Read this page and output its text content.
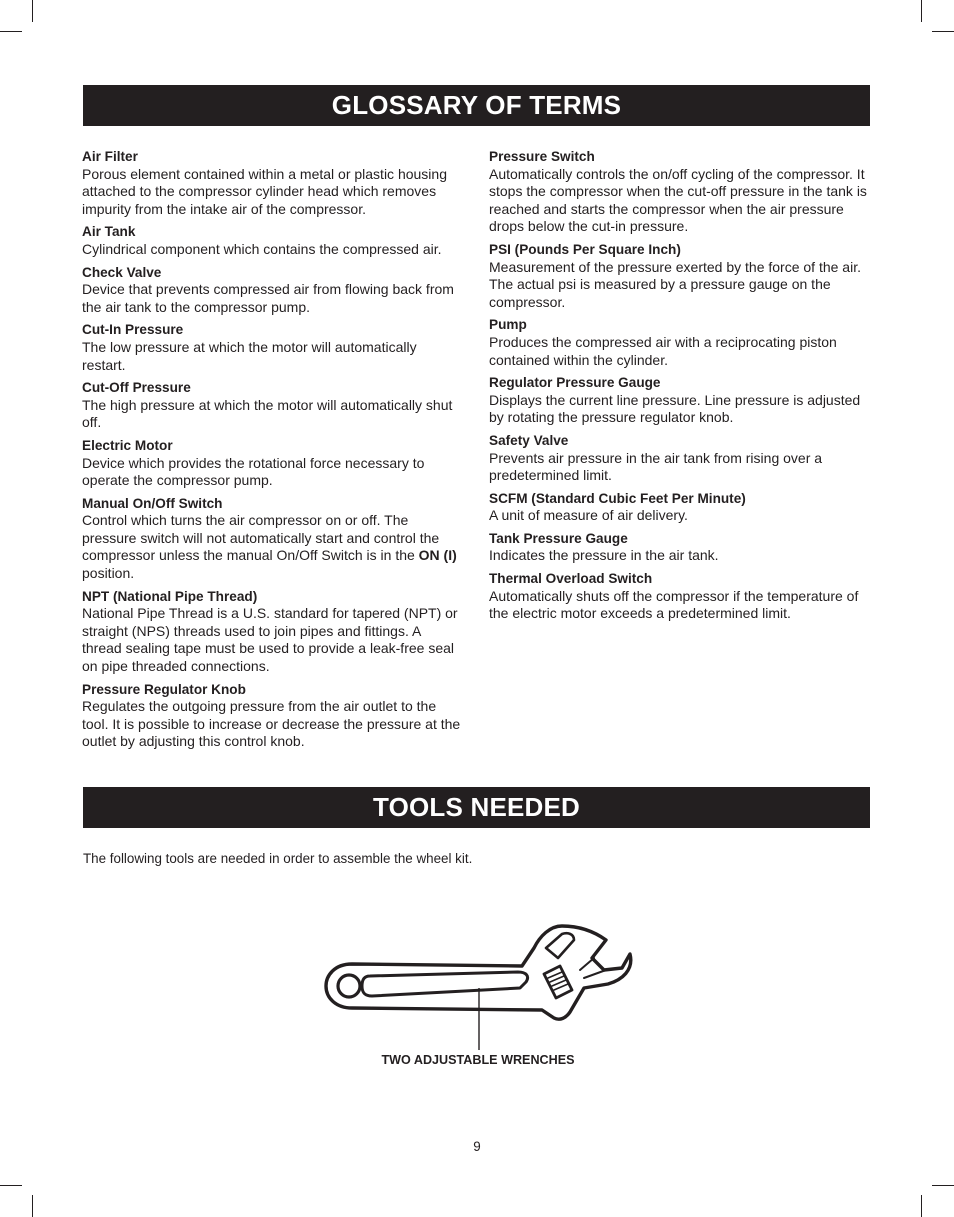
GLOSSARY OF TERMS
Air Filter
Porous element contained within a metal or plastic housing attached to the compressor cylinder head which removes impurity from the intake air of the compressor.
Air Tank
Cylindrical component which contains the compressed air.
Check Valve
Device that prevents compressed air from flowing back from the air tank to the compressor pump.
Cut-In Pressure
The low pressure at which the motor will automatically restart.
Cut-Off Pressure
The high pressure at which the motor will automatically shut off.
Electric Motor
Device which provides the rotational force necessary to operate the compressor pump.
Manual On/Off Switch
Control which turns the air compressor on or off. The pressure switch will not automatically start and control the compressor unless the manual On/Off Switch is in the ON (I) position.
NPT (National Pipe Thread)
National Pipe Thread is a U.S. standard for tapered (NPT) or straight (NPS) threads used to join pipes and fittings. A thread sealing tape must be used to provide a leak-free seal on pipe threaded connections.
Pressure Regulator Knob
Regulates the outgoing pressure from the air outlet to the tool. It is possible to increase or decrease the pressure at the outlet by adjusting this control knob.
Pressure Switch
Automatically controls the on/off cycling of the compressor. It stops the compressor when the cut-off pressure in the tank is reached and starts the compressor when the air pressure drops below the cut-in pressure.
PSI (Pounds Per Square Inch)
Measurement of the pressure exerted by the force of the air. The actual psi is measured by a pressure gauge on the compressor.
Pump
Produces the compressed air with a reciprocating piston contained within the cylinder.
Regulator Pressure Gauge
Displays the current line pressure. Line pressure is adjusted by rotating the pressure regulator knob.
Safety Valve
Prevents air pressure in the air tank from rising over a predetermined limit.
SCFM (Standard Cubic Feet Per Minute)
A unit of measure of air delivery.
Tank Pressure Gauge
Indicates the pressure in the air tank.
Thermal Overload Switch
Automatically shuts off the compressor if the temperature of the electric motor exceeds a predetermined limit.
TOOLS NEEDED
The following tools are needed in order to assemble the wheel kit.
TWO ADJUSTABLE WRENCHES
9
